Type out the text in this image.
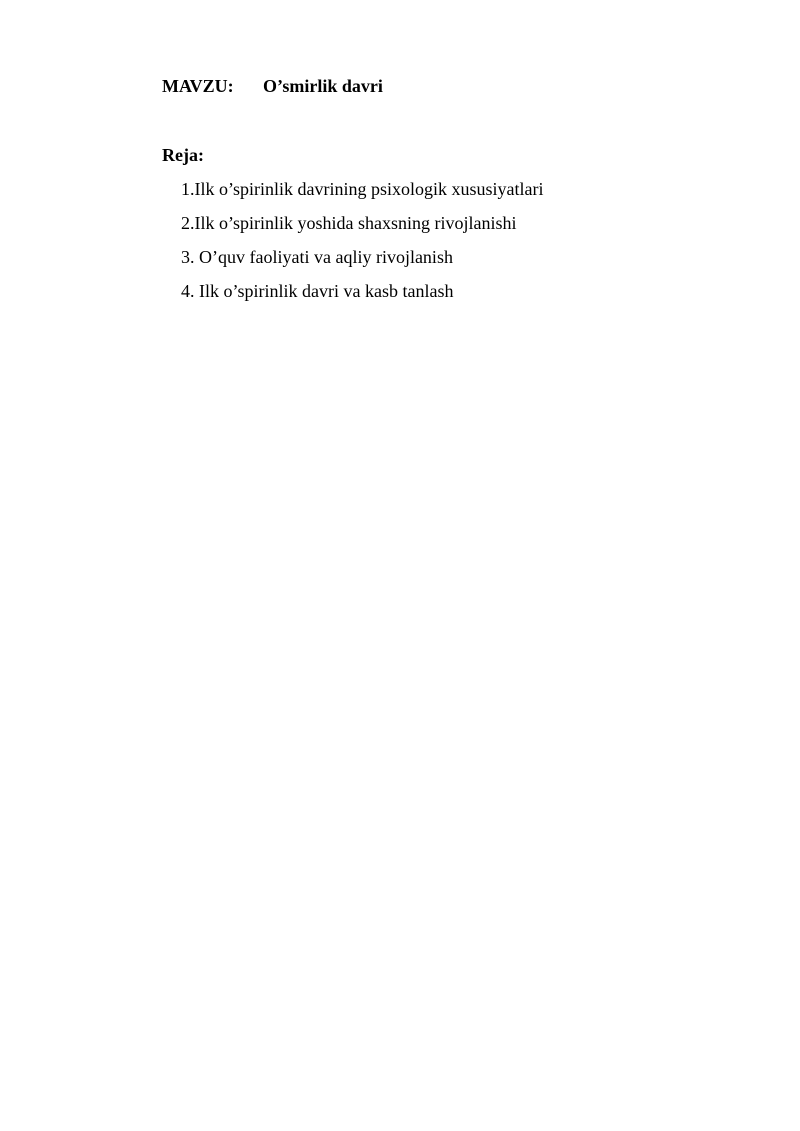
MAVZU: O’smirlik davri
Reja:
1.Ilk o’spirinlik davrining psixologik xususiyatlari
2.Ilk o’spirinlik yoshida shaxsning rivojlanishi
3. O’quv faoliyati va aqliy rivojlanish
4. Ilk o’spirinlik davri va kasb tanlash
